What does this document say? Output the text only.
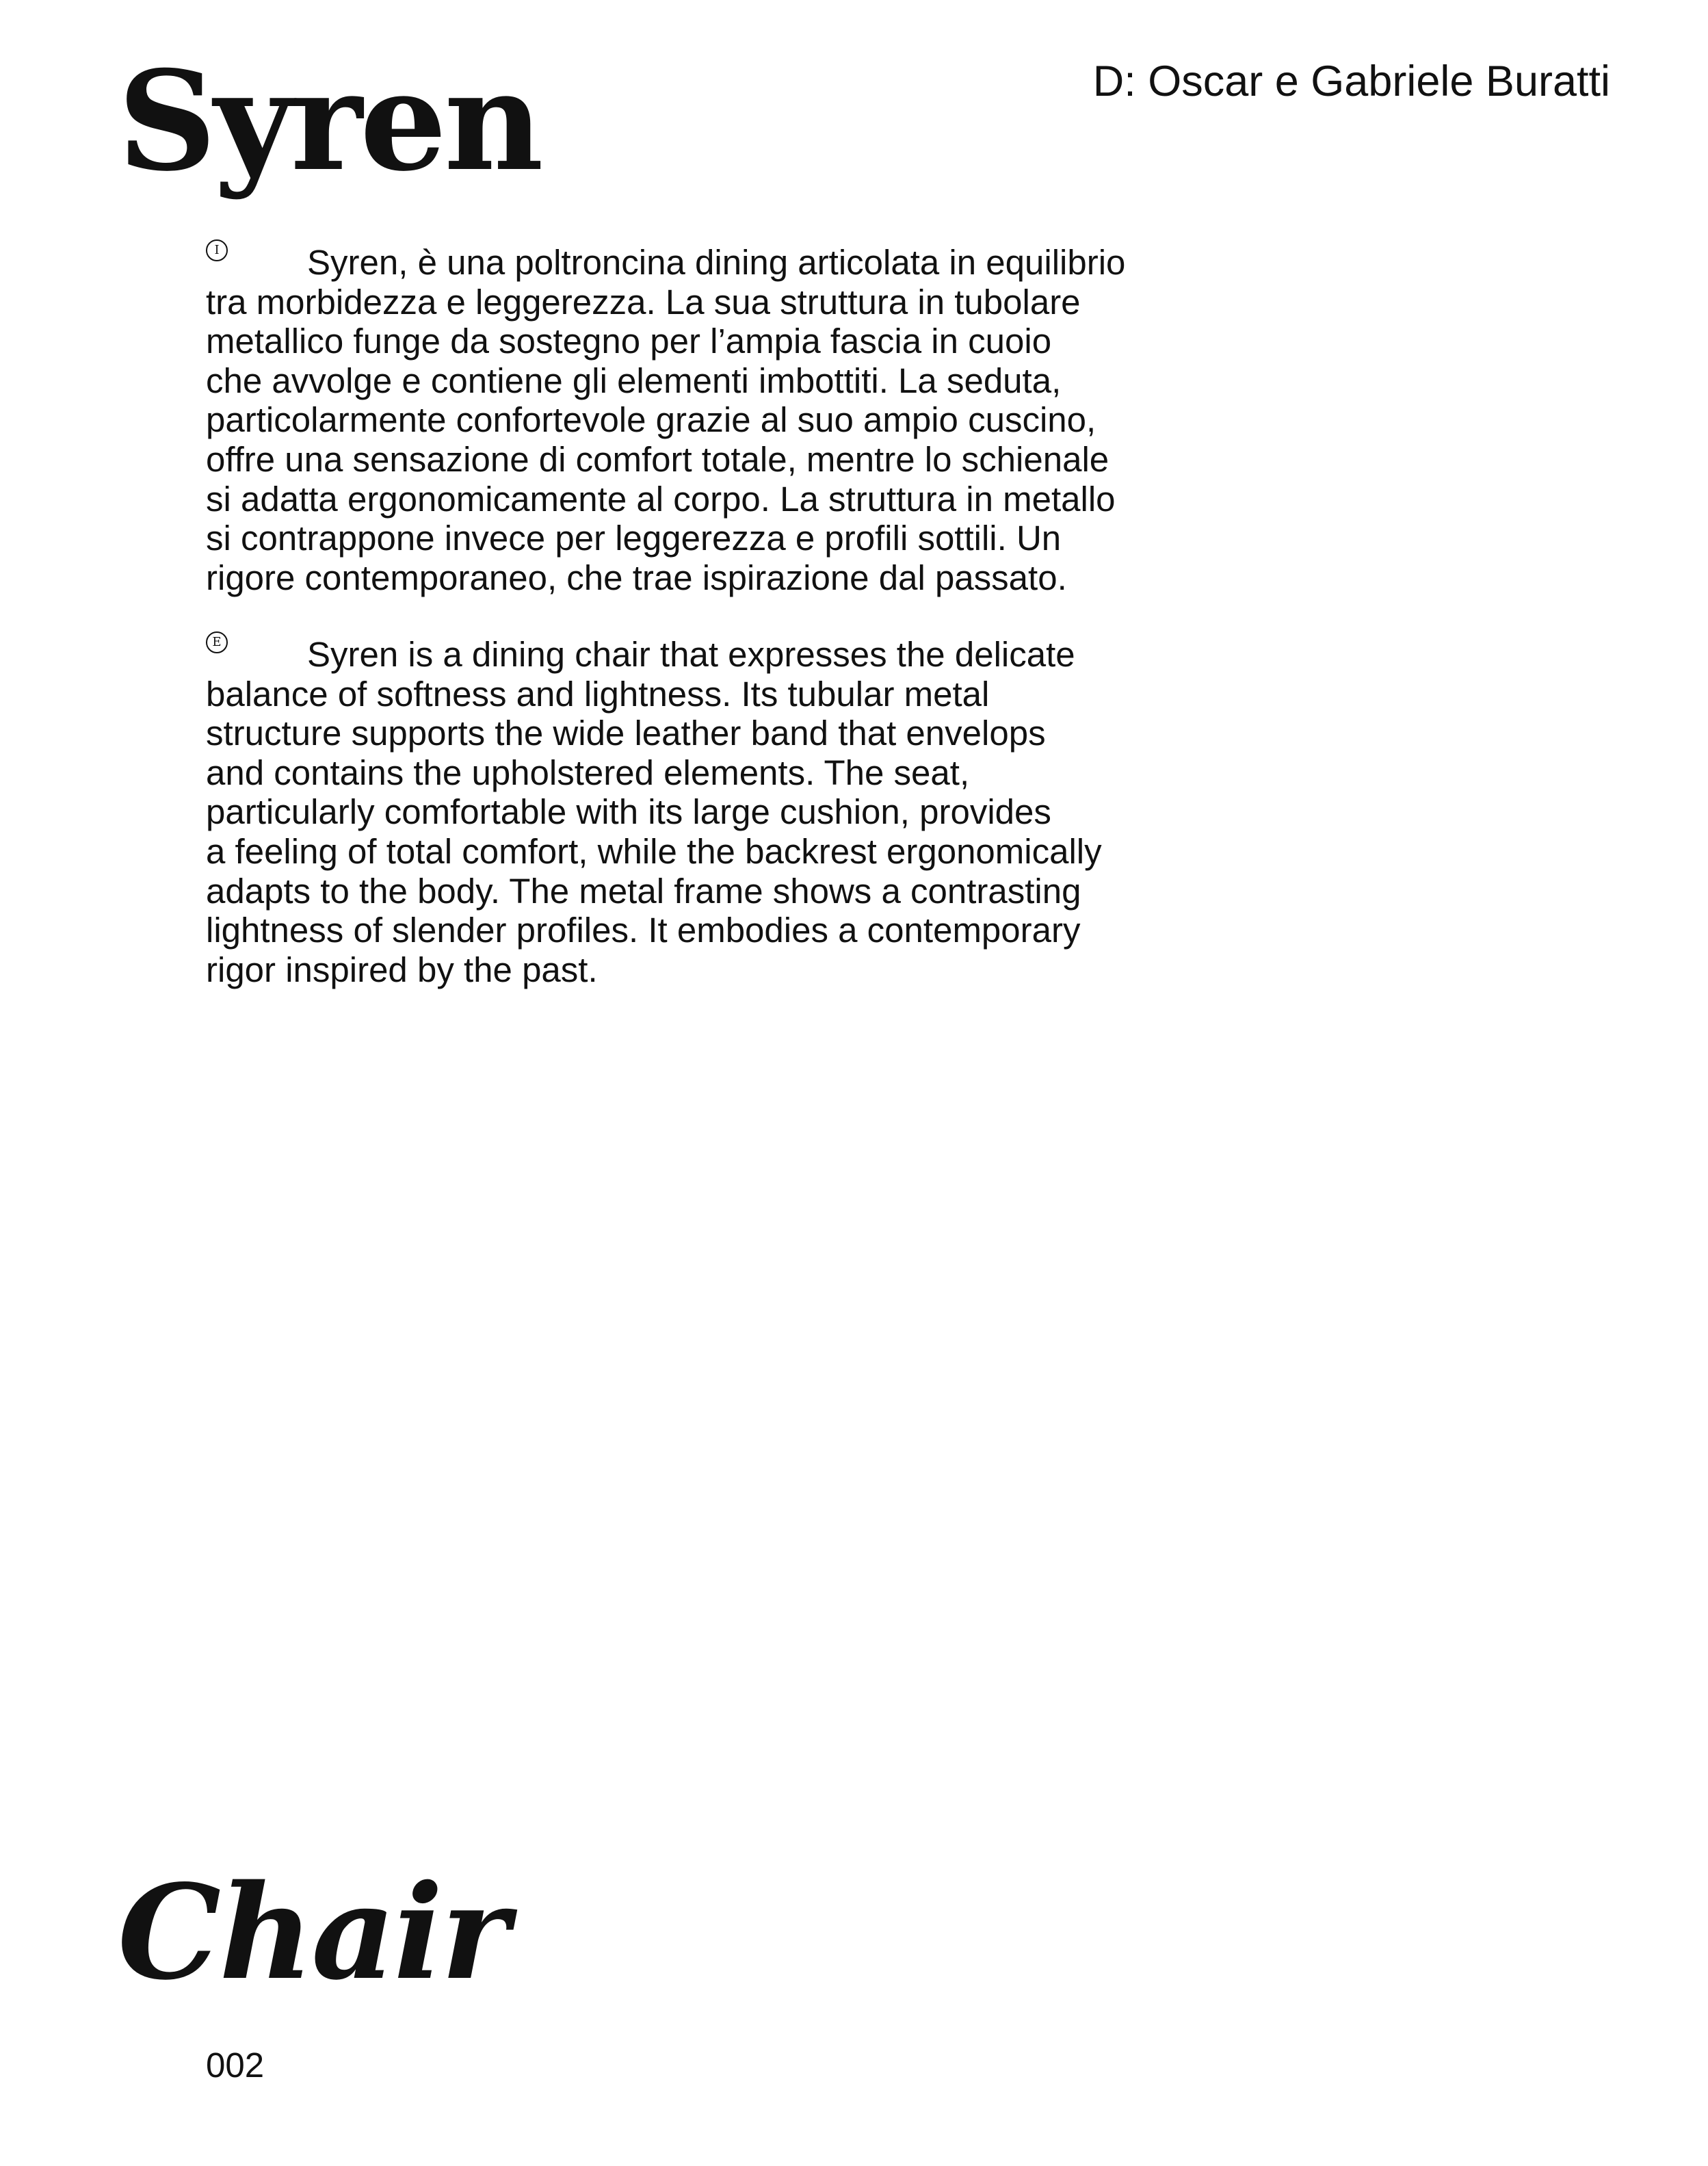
Syren	D: Oscar e Gabriele Buratti

I	Syren, è una poltroncina dining articolata in equilibrio
tra morbidezza e leggerezza. La sua struttura in tubolare
metallico funge da sostegno per l’ampia fascia in cuoio
che avvolge e contiene gli elementi imbottiti. La seduta,
particolarmente confortevole grazie al suo ampio cuscino,
offre una sensazione di comfort totale, mentre lo schienale
si adatta ergonomicamente al corpo. La struttura in metallo
si contrappone invece per leggerezza e profili sottili. Un
rigore contemporaneo, che trae ispirazione dal passato.

E Syren is a dining chair that expresses the delicate
balance of softness and lightness. Its tubular metal
structure supports the wide leather band that envelops
and contains the upholstered elements. The seat,
particularly comfortable with its large cushion, provides
a feeling of total comfort, while the backrest ergonomically
adapts to the body. The metal frame shows a contrasting
lightness of slender profiles. It embodies a contemporary
rigor inspired by the past.

Chair
002
